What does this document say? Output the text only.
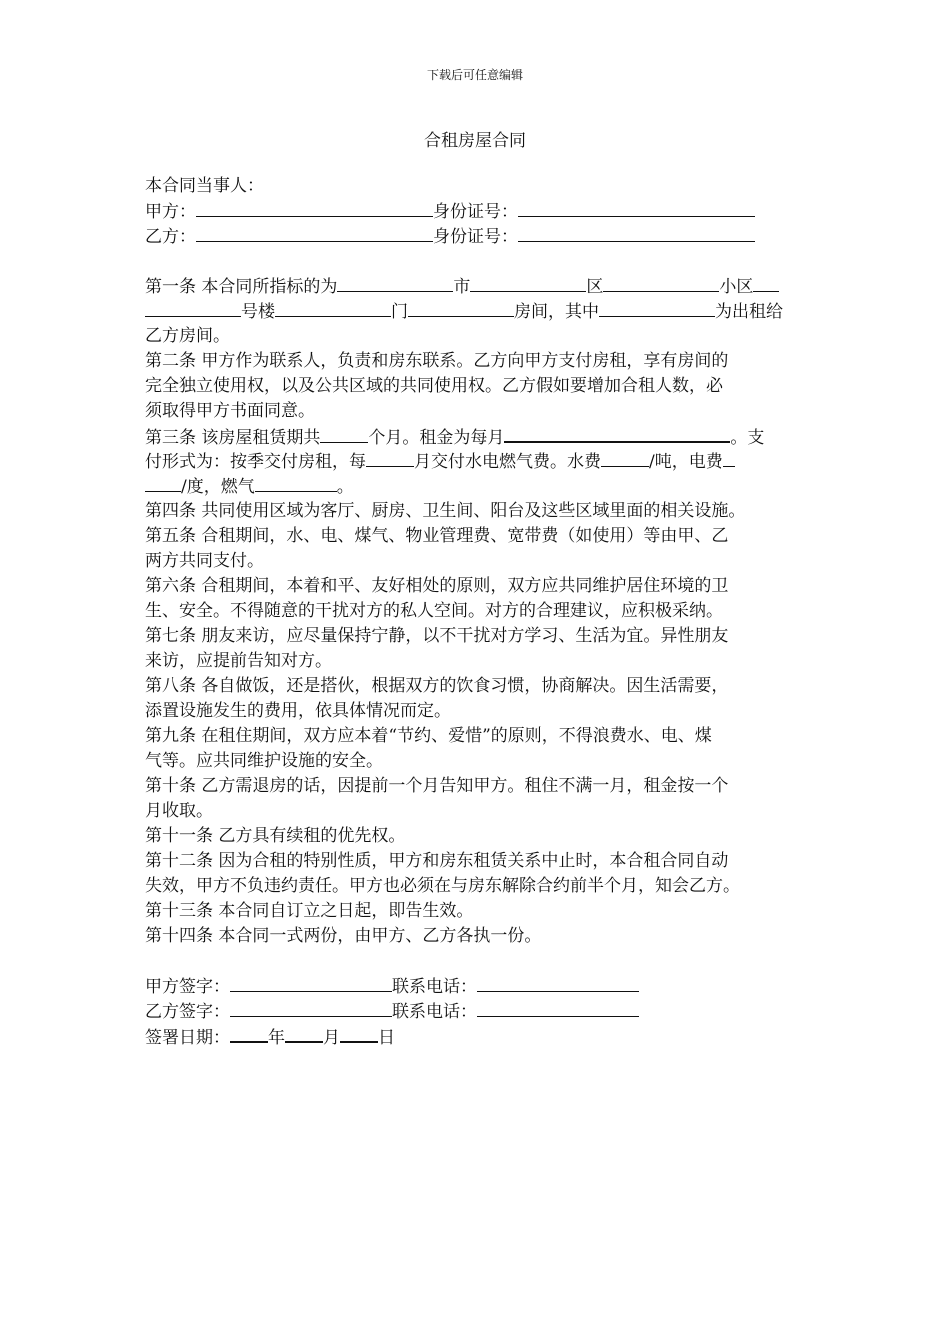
下载后可任意编辑
合租房屋合同
本合同当事人：
甲方：	身份证号：
乙方：	身份证号：
第一条 本合同所指标的为	市	区	小区
号楼	门	房间，其中	为出租给
乙方房间。
第二条 甲方作为联系人，负责和房东联系。乙方向甲方支付房租，享有房间的
完全独立使用权，以及公共区域的共同使用权。乙方假如要增加合租人数，必
须取得甲方书面同意。
第三条 该房屋租赁期共	个月。租金为每月	。支
付形式为：按季交付房租，每	月交付水电燃气费。水费	/吨，电费
/度，燃气	。
第四条 共同使用区域为客厅、厨房、卫生间、阳台及这些区域里面的相关设施。
第五条 合租期间，水、电、煤气、物业管理费、宽带费（如使用）等由甲、乙
两方共同支付。
第六条 合租期间，本着和平、友好相处的原则，双方应共同维护居住环境的卫
生、安全。不得随意的干扰对方的私人空间。对方的合理建议，应积极采纳。
第七条 朋友来访，应尽量保持宁静，以不干扰对方学习、生活为宜。异性朋友
来访，应提前告知对方。
第八条 各自做饭，还是搭伙，根据双方的饮食习惯，协商解决。因生活需要，
添置设施发生的费用，依具体情况而定。
第九条 在租住期间，双方应本着“节约、爱惜”的原则，不得浪费水、电、煤
气等。应共同维护设施的安全。
第十条 乙方需退房的话，因提前一个月告知甲方。租住不满一月，租金按一个
月收取。
第十一条 乙方具有续租的优先权。
第十二条 因为合租的特别性质，甲方和房东租赁关系中止时，本合租合同自动
失效，甲方不负违约责任。甲方也必须在与房东解除合约前半个月，知会乙方。
第十三条 本合同自订立之日起，即告生效。
第十四条 本合同一式两份，由甲方、乙方各执一份。
甲方签字：	联系电话：
乙方签字：	联系电话：
签署日期： 年 月 日
